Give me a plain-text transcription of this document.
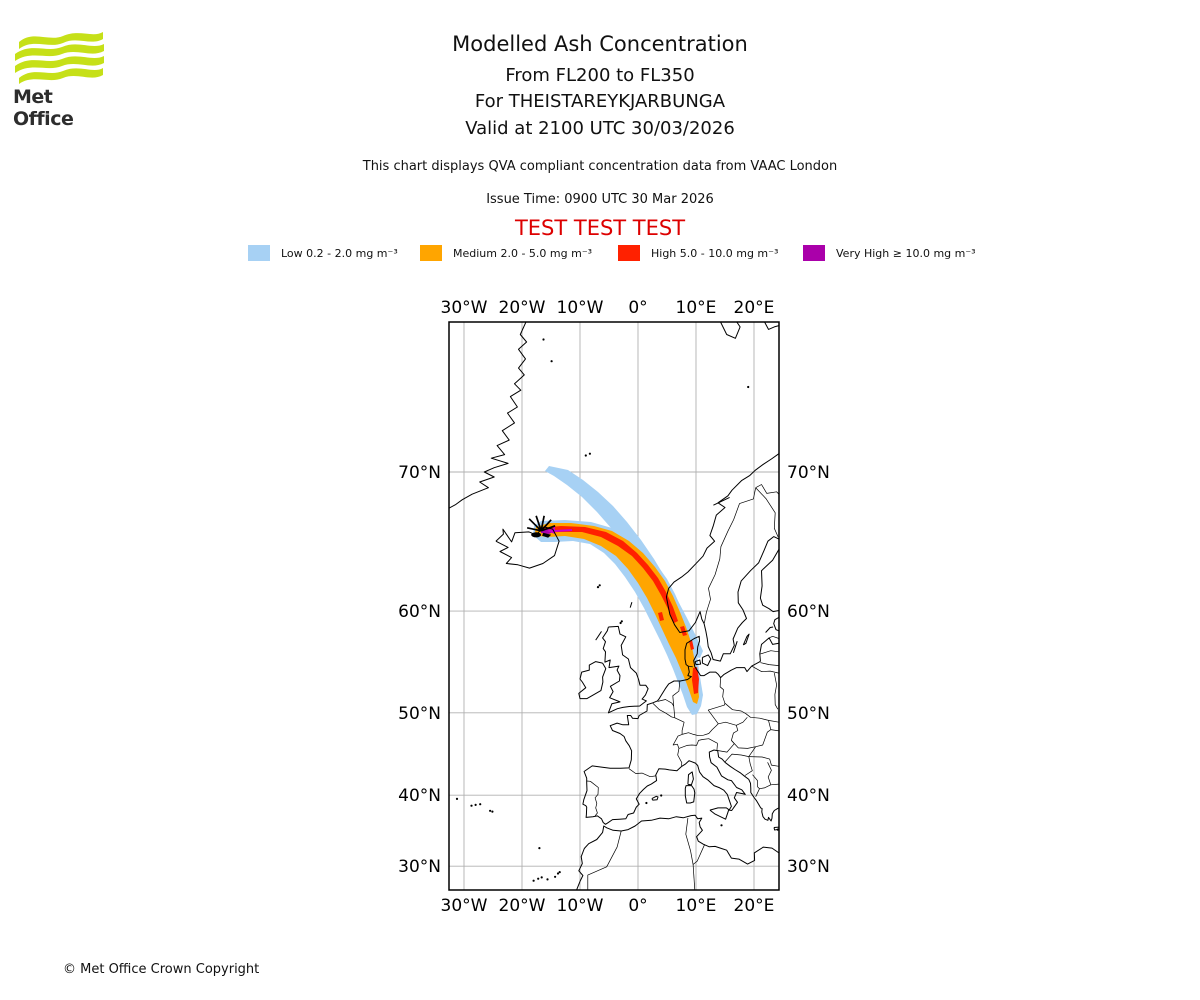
Met Office
Modelled Ash Concentration
From FL200 to FL350
For THEISTAREYKJARBUNGA
Valid at 2100 UTC 30/03/2026
This chart displays QVA compliant concentration data from VAAC London
Issue Time: 0900 UTC 30 Mar 2026
TEST TEST TEST
Low 0.2 - 2.0 mg m⁻³	Medium 2.0 - 5.0 mg m⁻³	High 5.0 - 10.0 mg m⁻³	Very High ≥ 10.0 mg m⁻³
30°W
30°W
20°W
20°W
10°W
10°W
0°
0°
10°E
10°E
20°E
20°E
70°N	70°N
60°N	60°N
50°N	50°N
40°N	40°N
30°N	30°N
© Met Office Crown Copyright
